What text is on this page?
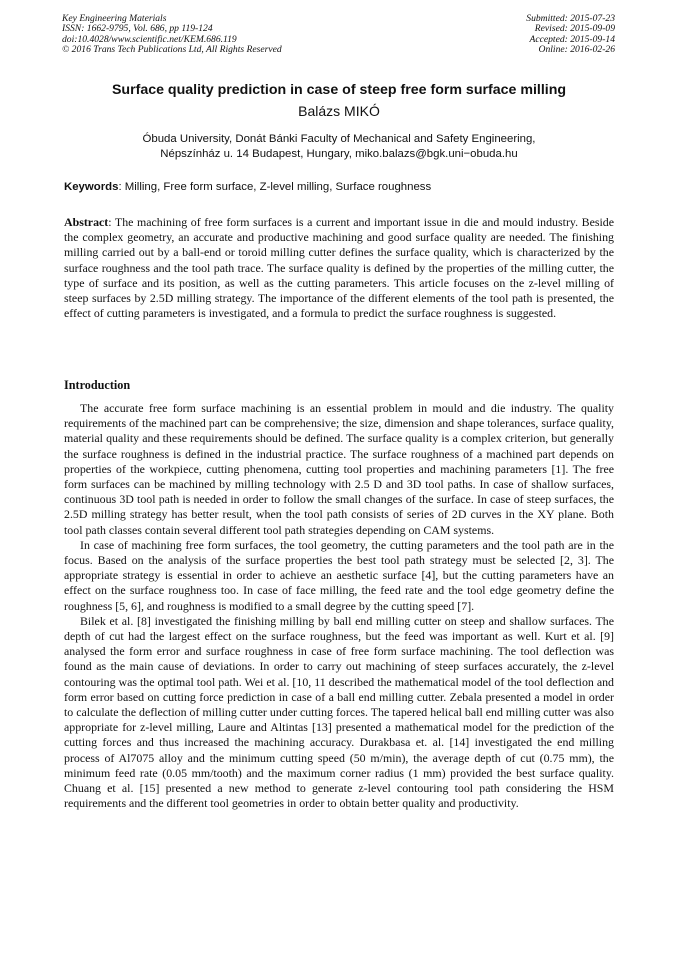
Key Engineering Materials
ISSN: 1662-9795, Vol. 686, pp 119-124
doi:10.4028/www.scientific.net/KEM.686.119
© 2016 Trans Tech Publications Ltd, All Rights Reserved
Submitted: 2015-07-23
Revised: 2015-09-09
Accepted: 2015-09-14
Online: 2016-02-26
Surface quality prediction in case of steep free form surface milling
Balázs MIKÓ
Óbuda University, Donát Bánki Faculty of Mechanical and Safety Engineering,
Népszínház u. 14 Budapest, Hungary, miko.balazs@bgk.uni−obuda.hu
Keywords: Milling, Free form surface, Z-level milling, Surface roughness
Abstract: The machining of free form surfaces is a current and important issue in die and mould industry. Beside the complex geometry, an accurate and productive machining and good surface quality are needed. The finishing milling carried out by a ball-end or toroid milling cutter defines the surface quality, which is characterized by the surface roughness and the tool path trace. The surface quality is defined by the properties of the milling cutter, the type of surface and its position, as well as the cutting parameters. This article focuses on the z-level milling of steep surfaces by 2.5D milling strategy. The importance of the different elements of the tool path is presented, the effect of cutting parameters is investigated, and a formula to predict the surface roughness is suggested.
Introduction

The accurate free form surface machining is an essential problem in mould and die industry. The quality requirements of the machined part can be comprehensive; the size, dimension and shape tolerances, surface quality, material quality and these requirements should be defined. The surface quality is a complex criterion, but generally the surface roughness is defined in the industrial practice. The surface roughness of a machined part depends on properties of the workpiece, cutting phenomena, cutting tool properties and machining parameters [1]. The free form surfaces can be machined by milling technology with 2.5 D and 3D tool paths. In case of shallow surfaces, continuous 3D tool path is needed in order to follow the small changes of the surface. In case of steep surfaces, the 2.5D milling strategy has better result, when the tool path consists of series of 2D curves in the XY plane. Both tool path classes contain several different tool path strategies depending on CAM systems.

In case of machining free form surfaces, the tool geometry, the cutting parameters and the tool path are in the focus. Based on the analysis of the surface properties the best tool path strategy must be selected [2, 3]. The appropriate strategy is essential in order to achieve an aesthetic surface [4], but the cutting parameters have an effect on the surface roughness too. In case of face milling, the feed rate and the tool edge geometry define the roughness [5, 6], and roughness is modified to a small degree by the cutting speed [7].

Bilek et al. [8] investigated the finishing milling by ball end milling cutter on steep and shallow surfaces. The depth of cut had the largest effect on the surface roughness, but the feed was important as well. Kurt et al. [9] analysed the form error and surface roughness in case of free form surface machining. The tool deflection was found as the main cause of deviations. In order to carry out machining of steep surfaces accurately, the z-level contouring was the optimal tool path. Wei et al. [10, 11 described the mathematical model of the tool deflection and form error based on cutting force prediction in case of a ball end milling cutter. Zebala presented a model in order to calculate the deflection of milling cutter under cutting forces. The tapered helical ball end milling cutter was also appropriate for z-level milling, Laure and Altintas [13] presented a mathematical model for the prediction of the cutting forces and thus increased the machining accuracy. Durakbasa et. al. [14] investigated the end milling process of Al7075 alloy and the minimum cutting speed (50 m/min), the average depth of cut (0.75 mm), the minimum feed rate (0.05 mm/tooth) and the maximum corner radius (1 mm) provided the best surface quality. Chuang et al. [15] presented a new method to generate z-level contouring tool path considering the HSM requirements and the different tool geometries in order to obtain better quality and productivity.
